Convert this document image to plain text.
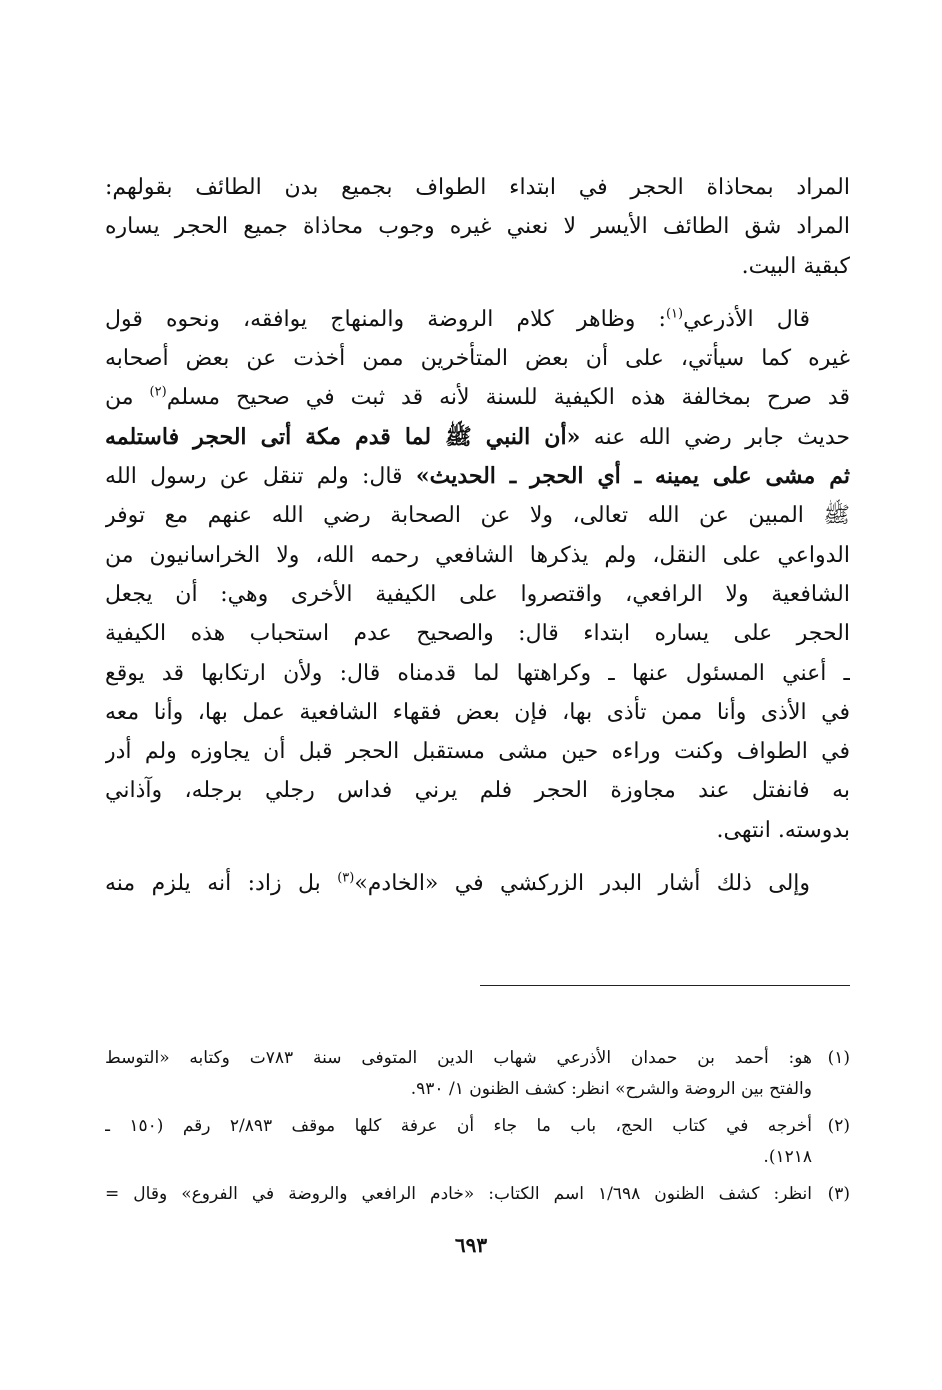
المراد بمحاذاة الحجر في ابتداء الطواف بجميع بدن الطائف بقولهم:
المراد شق الطائف الأيسر لا نعني غيره وجوب محاذاة جميع الحجر يساره
كبقية البيت.

قال الأذرعي$^{(١)}$: وظاهر كلام الروضة والمنهاج يوافقه، ونحوه قول
غيره كما سيأتي، على أن بعض المتأخرين ممن أخذت عن بعض أصحابه
قد صرح بمخالفة هذه الكيفية للسنة لأنه قد ثبت في صحيح مسلم$^{(٢)}$ من
حديث جابر رضي الله عنه «أن النبي ﷺ لما قدم مكة أتى الحجر فاستلمه
ثم مشى على يمينه ـ أي الحجر ـ الحديث» قال: ولم تنقل عن رسول الله
ﷺ المبين عن الله تعالى، ولا عن الصحابة رضي الله عنهم مع توفر
الدواعي على النقل، ولم يذكرها الشافعي رحمه الله، ولا الخراسانيون من
الشافعية ولا الرافعي، واقتصروا على الكيفية الأخرى وهي: أن يجعل
الحجر على يساره ابتداء قال: والصحيح عدم استحباب هذه الكيفية
ـ أعني المسئول عنها ـ وكراهتها لما قدمناه قال: ولأن ارتكابها قد يوقع
في الأذى وأنا ممن تأذى بها، فإن بعض فقهاء الشافعية عمل بها، وأنا معه
في الطواف وكنت وراءه حين مشى مستقبل الحجر قبل أن يجاوزه ولم أدر
به فانفتل عند مجاوزة الحجر فلم يرني فداس رجلي برجله، وآذاني
بدوسته. انتهى.

وإلى ذلك أشار البدر الزركشي في «الخادم»$^{(٣)}$ بل زاد: أنه يلزم منه

(١)
هو: أحمد بن حمدان الأذرعي شهاب الدين المتوفى سنة ٧٨٣ت وكتابه «التوسط
والفتح بين الروضة والشرح» انظر: كشف الظنون ١/ ٩٣٠.
(٢)
أخرجه في كتاب الحج، باب ما جاء أن عرفة كلها موقف ٢/٨٩٣ رقم (١٥٠ ـ
١٢١٨).
(٣)
انظر: كشف الظنون ١/٦٩٨ اسم الكتاب: «خادم الرافعي والروضة في الفروع» وقال =
٦٩٣
